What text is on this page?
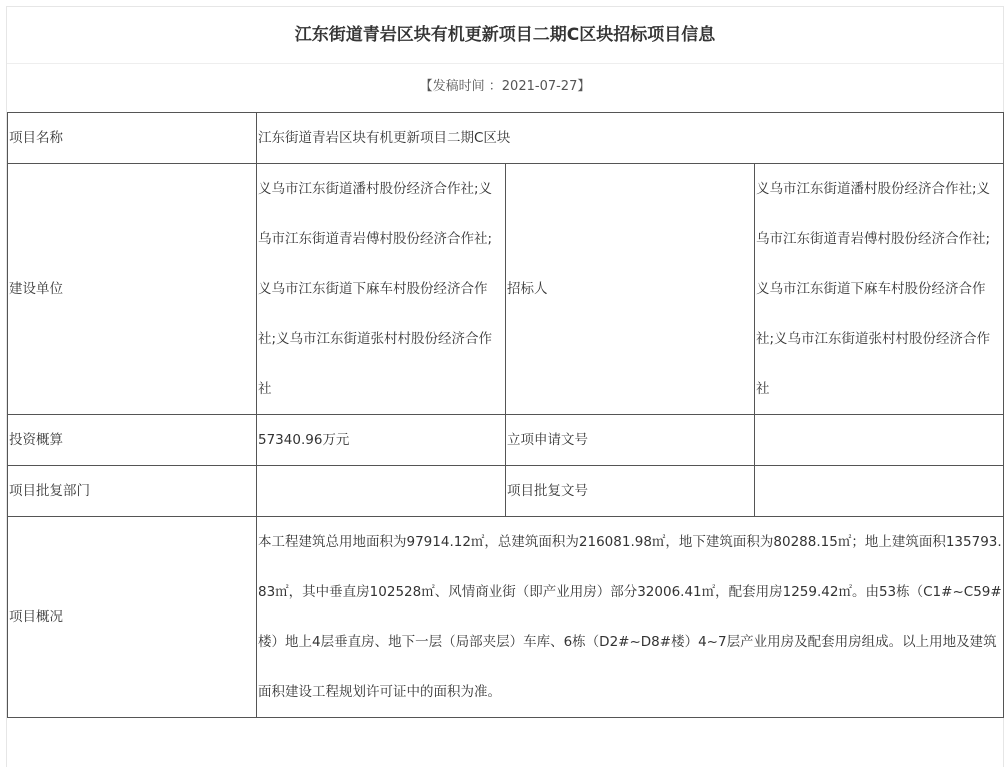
江东街道青岩区块有机更新项目二期C区块招标项目信息
【发稿时间 ：2021-07-27】
项目名称	江东街道青岩区块有机更新项目二期C区块		
建设单位	义乌市江东街道潘村股份经济合作社;义乌市江东街道青岩傅村股份经济合作社;义乌市江东街道下麻车村股份经济合作社;义乌市江东街道张村村股份经济合作社	招标人	义乌市江东街道潘村股份经济合作社;义乌市江东街道青岩傅村股份经济合作社;义乌市江东街道下麻车村股份经济合作社;义乌市江东街道张村村股份经济合作社
投资概算	57340.96万元	立项申请文号	
项目批复部门		项目批复文号	
项目概况	本工程建筑总用地面积为97914.12㎡，总建筑面积为216081.98㎡，地下建筑面积为80288.15㎡；地上建筑面积135793.83㎡，其中垂直房102528㎡、风情商业街（即产业用房）部分32006.41㎡，配套用房1259.42㎡。由53栋（C1#~C59#楼）地上4层垂直房、地下一层（局部夹层）车库、6栋（D2#~D8#楼）4~7层产业用房及配套用房组成。以上用地及建筑面积建设工程规划许可证中的面积为准。		
